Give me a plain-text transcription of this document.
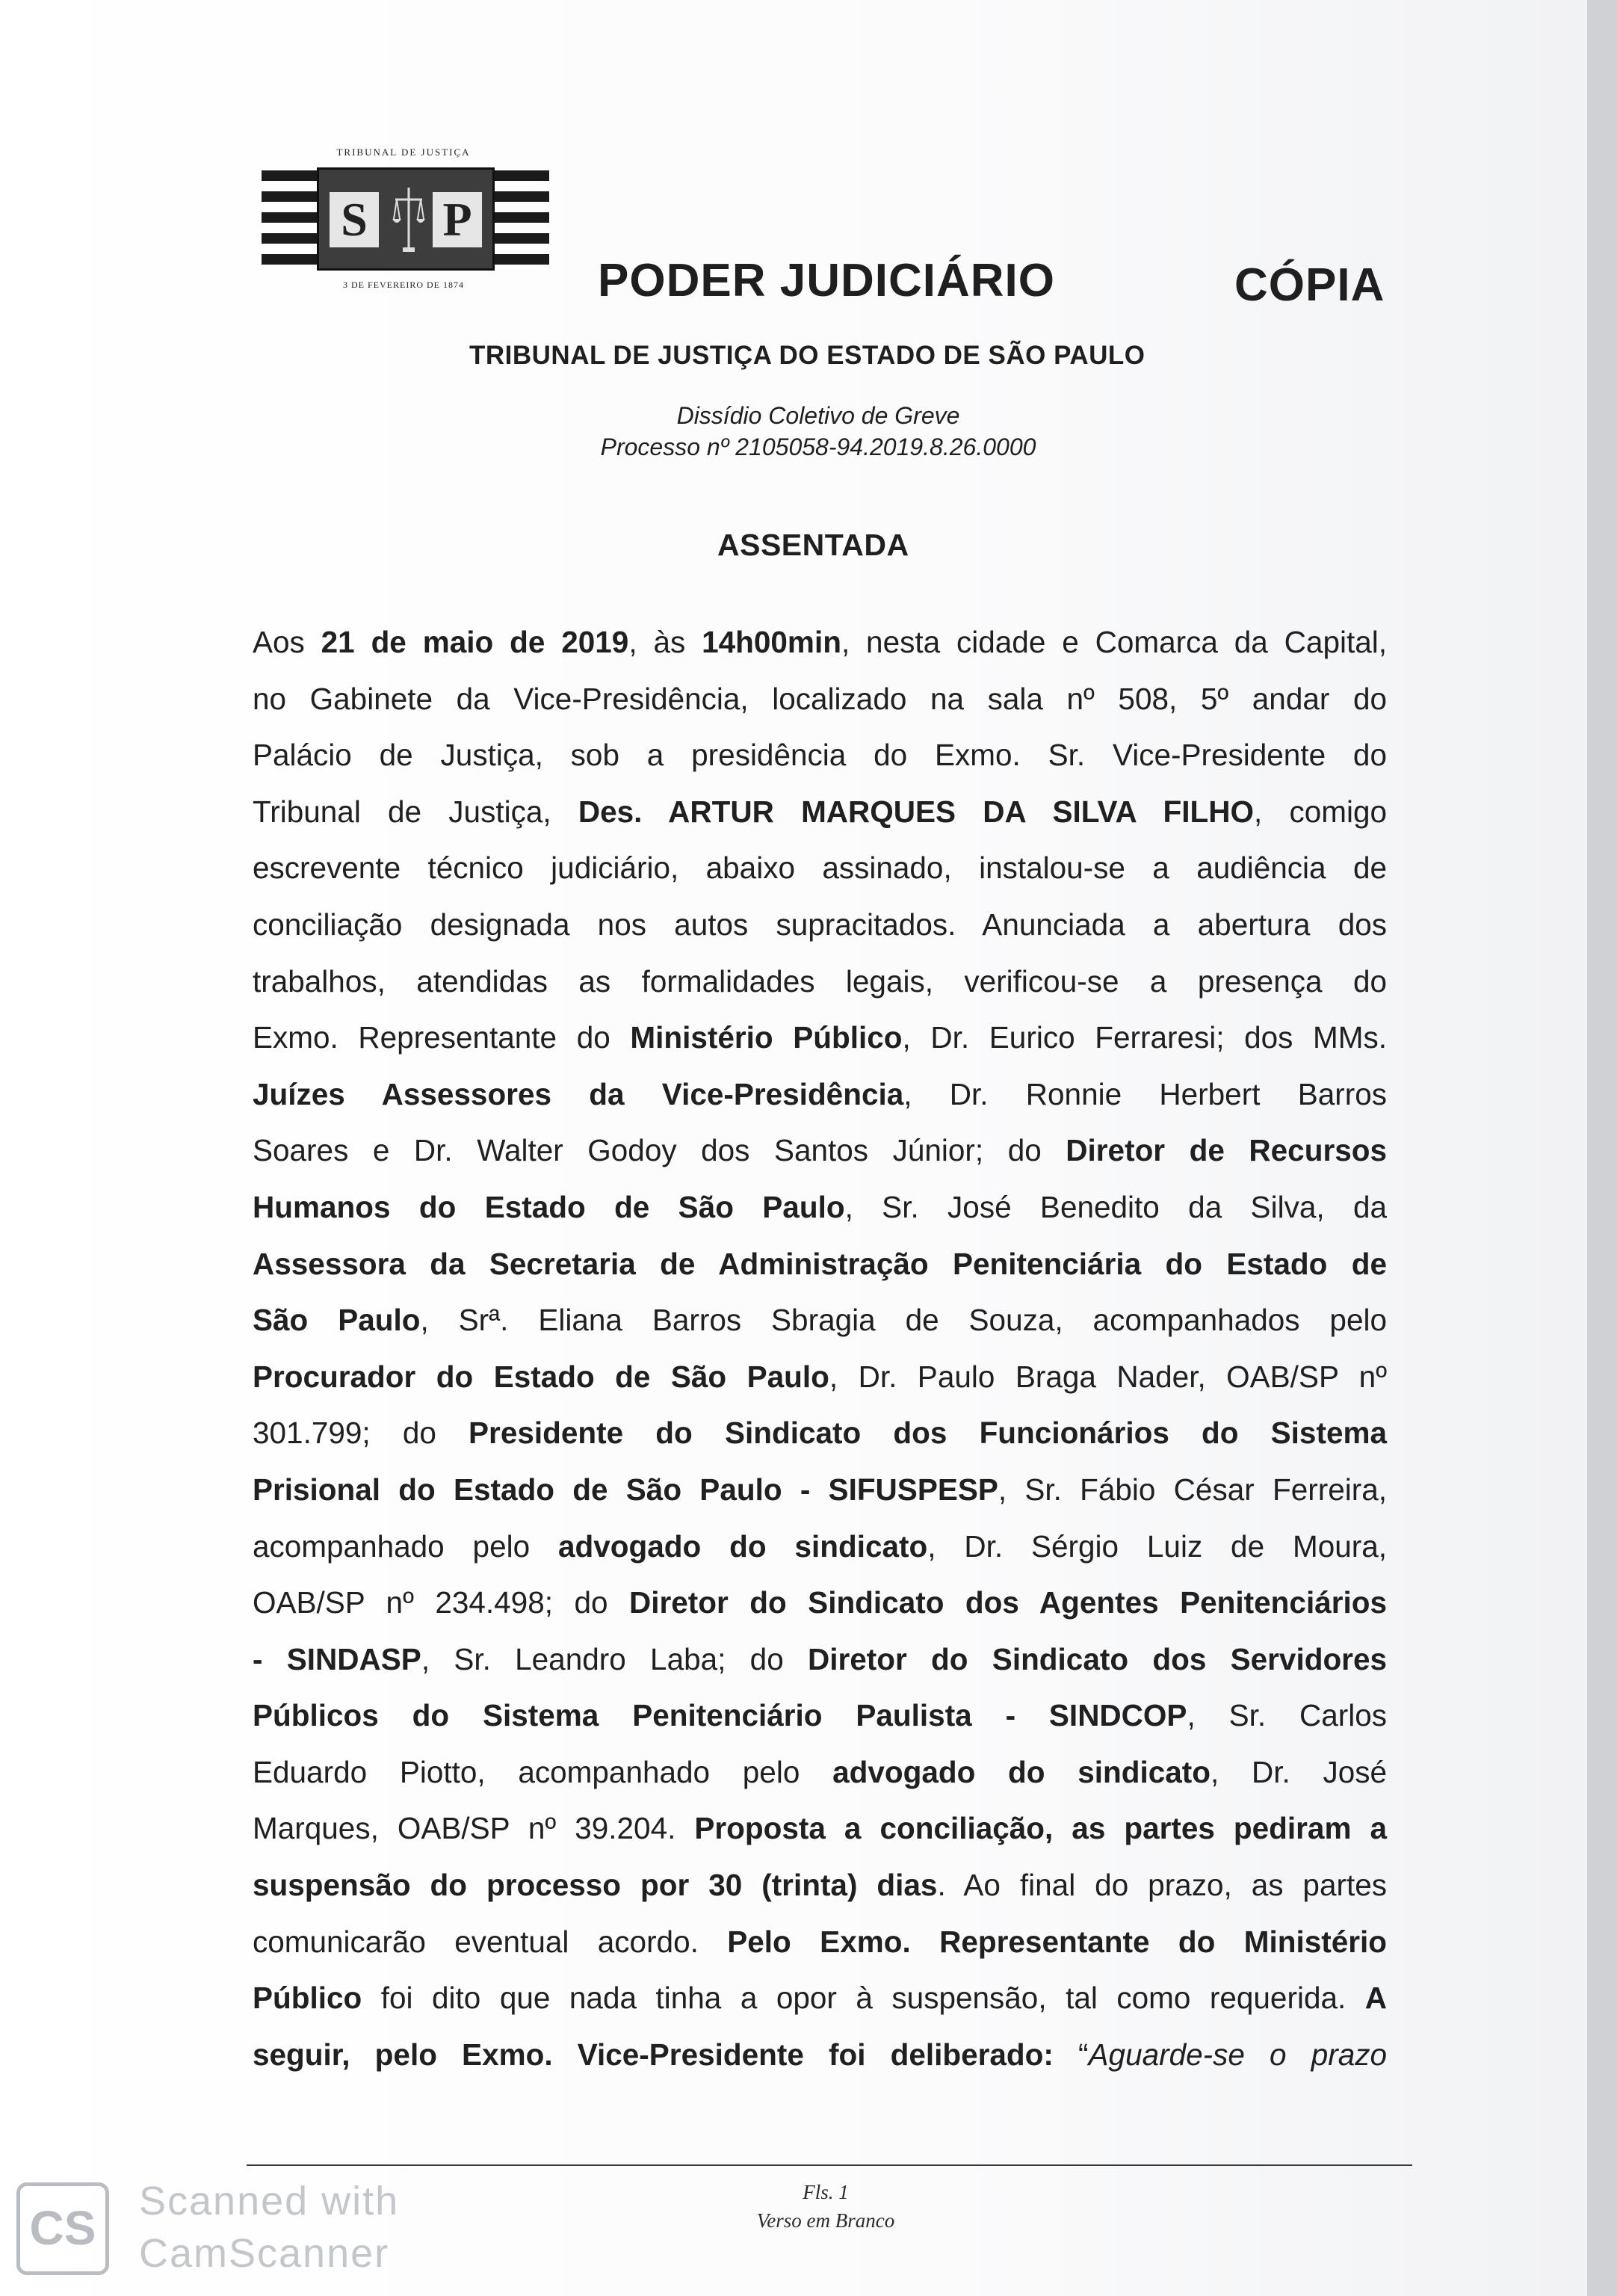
TRIBUNAL DE JUSTIÇA
S P
3 DE FEVEREIRO DE 1874	PODER JUDICIÁRIO	CÓPIA
TRIBUNAL DE JUSTIÇA DO ESTADO DE SÃO PAULO
Dissídio Coletivo de Greve
Processo nº 2105058-94.2019.8.26.0000
ASSENTADA
Aos 21 de maio de 2019, às 14h00min, nesta cidade e Comarca da Capital,
no Gabinete da Vice-Presidência, localizado na sala nº 508, 5º andar do
Palácio de Justiça, sob a presidência do Exmo. Sr. Vice-Presidente do
Tribunal de Justiça, Des. ARTUR MARQUES DA SILVA FILHO, comigo
escrevente técnico judiciário, abaixo assinado, instalou-se a audiência de
conciliação designada nos autos supracitados. Anunciada a abertura dos
trabalhos, atendidas as formalidades legais, verificou-se a presença do
Exmo. Representante do Ministério Público, Dr. Eurico Ferraresi; dos MMs.
Juízes Assessores da Vice-Presidência, Dr. Ronnie Herbert Barros
Soares e Dr. Walter Godoy dos Santos Júnior; do Diretor de Recursos
Humanos do Estado de São Paulo, Sr. José Benedito da Silva, da
Assessora da Secretaria de Administração Penitenciária do Estado de
São Paulo, Srª. Eliana Barros Sbragia de Souza, acompanhados pelo
Procurador do Estado de São Paulo, Dr. Paulo Braga Nader, OAB/SP nº
301.799; do Presidente do Sindicato dos Funcionários do Sistema
Prisional do Estado de São Paulo - SIFUSPESP, Sr. Fábio César Ferreira,
acompanhado pelo advogado do sindicato, Dr. Sérgio Luiz de Moura,
OAB/SP nº 234.498; do Diretor do Sindicato dos Agentes Penitenciários
- SINDASP, Sr. Leandro Laba; do Diretor do Sindicato dos Servidores
Públicos do Sistema Penitenciário Paulista - SINDCOP, Sr. Carlos
Eduardo Piotto, acompanhado pelo advogado do sindicato, Dr. José
Marques, OAB/SP nº 39.204. Proposta a conciliação, as partes pediram a
suspensão do processo por 30 (trinta) dias. Ao final do prazo, as partes
comunicarão eventual acordo. Pelo Exmo. Representante do Ministério
Público foi dito que nada tinha a opor à suspensão, tal como requerida. A
seguir, pelo Exmo. Vice-Presidente foi deliberado: “Aguarde-se o prazo
Fls. 1
Verso em Branco
CS	Scanned with
CamScanner
